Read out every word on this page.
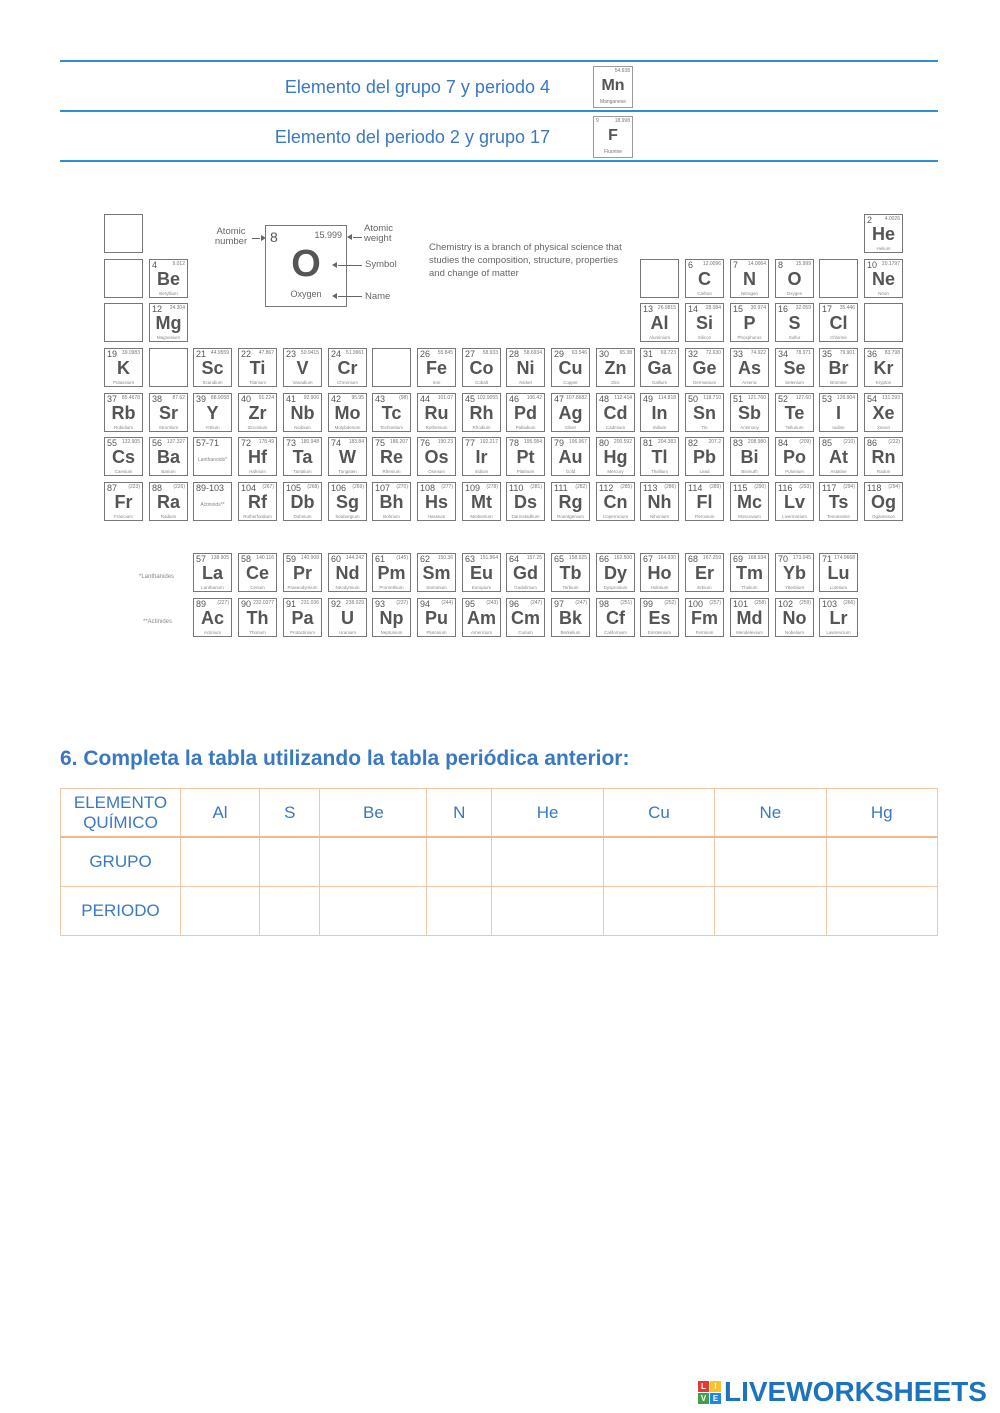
Elemento del grupo 7 y periodo 4
54.938
Mn
Manganese
Elemento del periodo 2 y grupo 17
9	18.998
F
Fluorine
2	4.0026
He
Helium
4	9.012
Be
Beryllium
6 12.0096
C
Carbon
7 14.0064
N
Nitrogen
8	15.999
O
Oxygen
10 20.1797
Ne
Neon
12 24.304
Mg
Magnesium
13 26.9815
Al
Aluminium
14 28.084
Si
Silicon
15 30.974
P
Phosphorus
16 32.059
S
Sulfur
17 35.446
Cl
Chlorine
19 39.0983
K
Potassium
21 44.9559
Sc
Scandium
22 47.867
Ti
Titanium
23 50.9415
V
Vanadium
24 51.9961
Cr
Chromium
26 55.845
Fe
Iron
27 58.933
Co
Cobalt
28 58.6934
Ni
Nickel
29 63.546
Cu
Copper
30 65.38
Zn
Zinc
31 69.723
Ga
Gallium
32 72.630
Ge
Germanium
33 74.922
As
Arsenic
34 78.971
Se
Selenium
35 79.901
Br
Bromine
36 83.798
Kr
Krypton
37 85.4678
Rb
Rubidium
38 87.62
Sr
Strontium
39 88.9058
Y
Yttrium
40 91.224
Zr
Zirconium
41 92.906
Nb
Niobium
42 95.95
Mo
Molybdenum
43	(98)
Tc
Technetium
44 101.07
Ru
Ruthenium
45 102.9055
Rh
Rhodium
46 106.42
Pd
Palladium
47 107.8682
Ag
Silver
48 112.414
Cd
Cadmium
49 114.818
In
Indium
50 118.710
Sn
Tin
51 121.760
Sb
Antimony
52 127.60
Te
Tellurium
53 126.904
I
Iodine
54 131.293
Xe
Xenon
55 132.905
Cs
Caesium
56 137.327
Ba
Barium
72 178.49
Hf
Hafnium
73 180.948
Ta
Tantalum
74 183.84
W
Tungsten
75 186.207
Re
Rhenium
76 190.23
Os
Osmium
77 192.217
Ir
Iridium
78 195.084
Pt
Platinum
79 196.967
Au
Gold
80 200.592
Hg
Mercury
81 204.383
Tl
Thallium
82 207.2
Pb
Lead
83 208.980
Bi
Bismuth
84 (209)
Po
Polonium
85 (210)
At
Astatine
86 (222)
Rn
Radon
87 (223)
Fr
Francium
88 (226)
Ra
Radium
104 (267)
Rf
Rutherfordium
105 (268)
Db
Dubnium
106 (269)
Sg
Seaborgium
107 (270)
Bh
Bohrium
108 (277)
Hs
Hassium
109 (278)
Mt
Meitnerium
110 (281)
Ds
Darmstadtium
111 (282)
Rg
Roentgenium
112 (285)
Cn
Copernicium
113 (286)
Nh
Nihonium
114 (289)
Fl
Flerovium
115 (290)
Mc
Moscovium
116 (293)
Lv
Livermorium
117 (294)
Ts
Tennessine
118 (294)
Og
Oganesson
57 138.905
La
Lanthanum
58 140.116
Ce
Cerium
59 140.908
Pr
Praseodymium
60 144.242
Nd
Neodymium
61 (145)
Pm
Promethium
62 150.36
Sm
Samarium
63 151.964
Eu
Europium
64 157.25
Gd
Gadolinium
65 158.925
Tb
Terbium
66 162.500
Dy
Dysprosium
67 164.930
Ho
Holmium
68 167.259
Er
Erbium
69 168.934
Tm
Thulium
70 173.045
Yb
Ytterbium
71 174.9668
Lu
Lutetium
89 (227)
Ac
Actinium
90 232.0377
Th
Thorium
91 231.036
Pa
Protactinium
92 238.029
U
Uranium
93 (237)
Np
Neptunium
94 (244)
Pu
Plutonium
95 (243)
Am
Americium
96 (247)
Cm
Curium
97 (247)
Bk
Berkelium
98 (251)
Cf
Californium
99 (252)
Es
Einsteinium
100 (257)
Fm
Fermium
101 (258)
Md
Mendelevium
102 (259)
No
Nobelium
103 (266)
Lr
Lawrencium
57-71
Lanthanoids*
89-103
Actinoids**
Atomic number	8	15.999
O
Oxygen
Atomic weight
Symbol
Name
Chemistry is a branch of physical science that studies the composition, structure, properties and change of matter
*Lanthanides
**Actinides
6. Completa la tabla utilizando la tabla periódica anterior:
ELEMENTO QUÍMICO	Al	S	Be	N	He	Cu	Ne	Hg
GRUPO								
PERIODO								
L	I
V E LIVEWORKSHEETS
